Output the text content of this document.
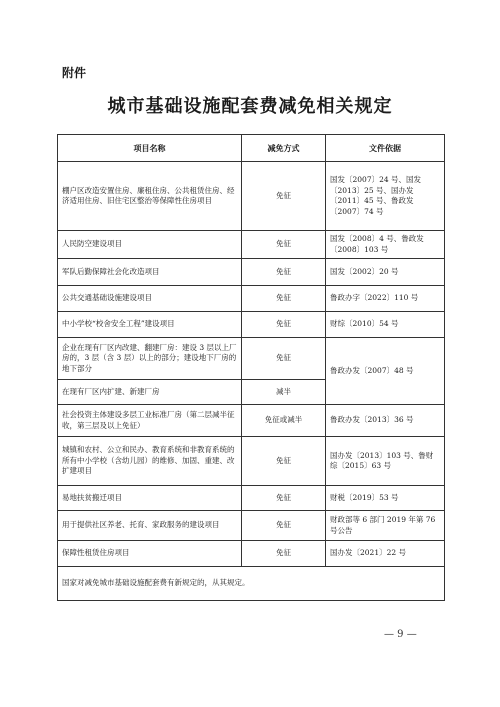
附件
城市基础设施配套费减免相关规定
项目名称	减免方式	文件依据
棚户区改造安置住房、廉租住房、公共租赁住房、经济适用住房、旧住宅区整治等保障性住房项目	免征	国发〔2007〕24 号、国发〔2013〕25 号、国办发〔2011〕45 号、鲁政发〔2007〕74 号
人民防空建设项目	免征	国发〔2008〕4 号、鲁政发〔2008〕103 号
军队后勤保障社会化改造项目	免征	国发〔2002〕20 号
公共交通基础设施建设项目	免征	鲁政办字〔2022〕110 号
中小学校“校舍安全工程”建设项目	免征	财综〔2010〕54 号
企业在现有厂区内改建、翻建厂房：建设 3 层以上厂房的，3 层（含 3 层）以上的部分；建设地下厂房的地下部分	免征	鲁政办发〔2007〕48 号
在现有厂区内扩建、新建厂房	减半	
社会投资主体建设多层工业标准厂房（第二层减半征收，第三层及以上免征）	免征或减半	鲁政办发〔2013〕36 号
城镇和农村、公立和民办、教育系统和非教育系统的所有中小学校（含幼儿园）的维修、加固、重建、改扩建项目	免征	国办发〔2013〕103 号、鲁财综〔2015〕63 号
易地扶贫搬迁项目	免征	财税〔2019〕53 号
用于提供社区养老、托育、家政服务的建设项目	免征	财政部等 6 部门 2019 年第 76 号公告
保障性租赁住房项目	免征	国办发〔2021〕22 号
国家对减免城市基础设施配套费有新规定的，从其规定。		
— 9 —
